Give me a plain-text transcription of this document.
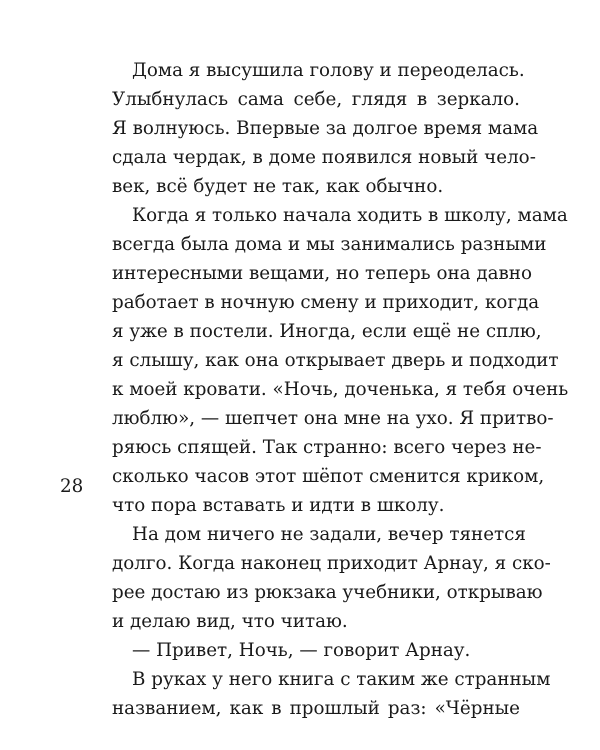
28
Дома я высушила голову и переоделась.
Улыбнулась сама себе, глядя в зеркало.
Я волнуюсь. Впервые за долгое время мама
сдала чердак, в доме появился новый чело-
век, всё будет не так, как обычно.
Когда я только начала ходить в школу, мама
всегда была дома и мы занимались разными
интересными вещами, но теперь она давно
работает в ночную смену и приходит, когда
я уже в постели. Иногда, если ещё не сплю,
я слышу, как она открывает дверь и подходит
к моей кровати. «Ночь, доченька, я тебя очень
люблю», — шепчет она мне на ухо. Я притво-
ряюсь спящей. Так странно: всего через не-
сколько часов этот шёпот сменится криком,
что пора вставать и идти в школу.
На дом ничего не задали, вечер тянется
долго. Когда наконец приходит Арнау, я ско-
рее достаю из рюкзака учебники, открываю
и делаю вид, что читаю.
— Привет, Ночь, — говорит Арнау.
В руках у него книга с таким же странным
названием, как в прошлый раз: «Чёрные
